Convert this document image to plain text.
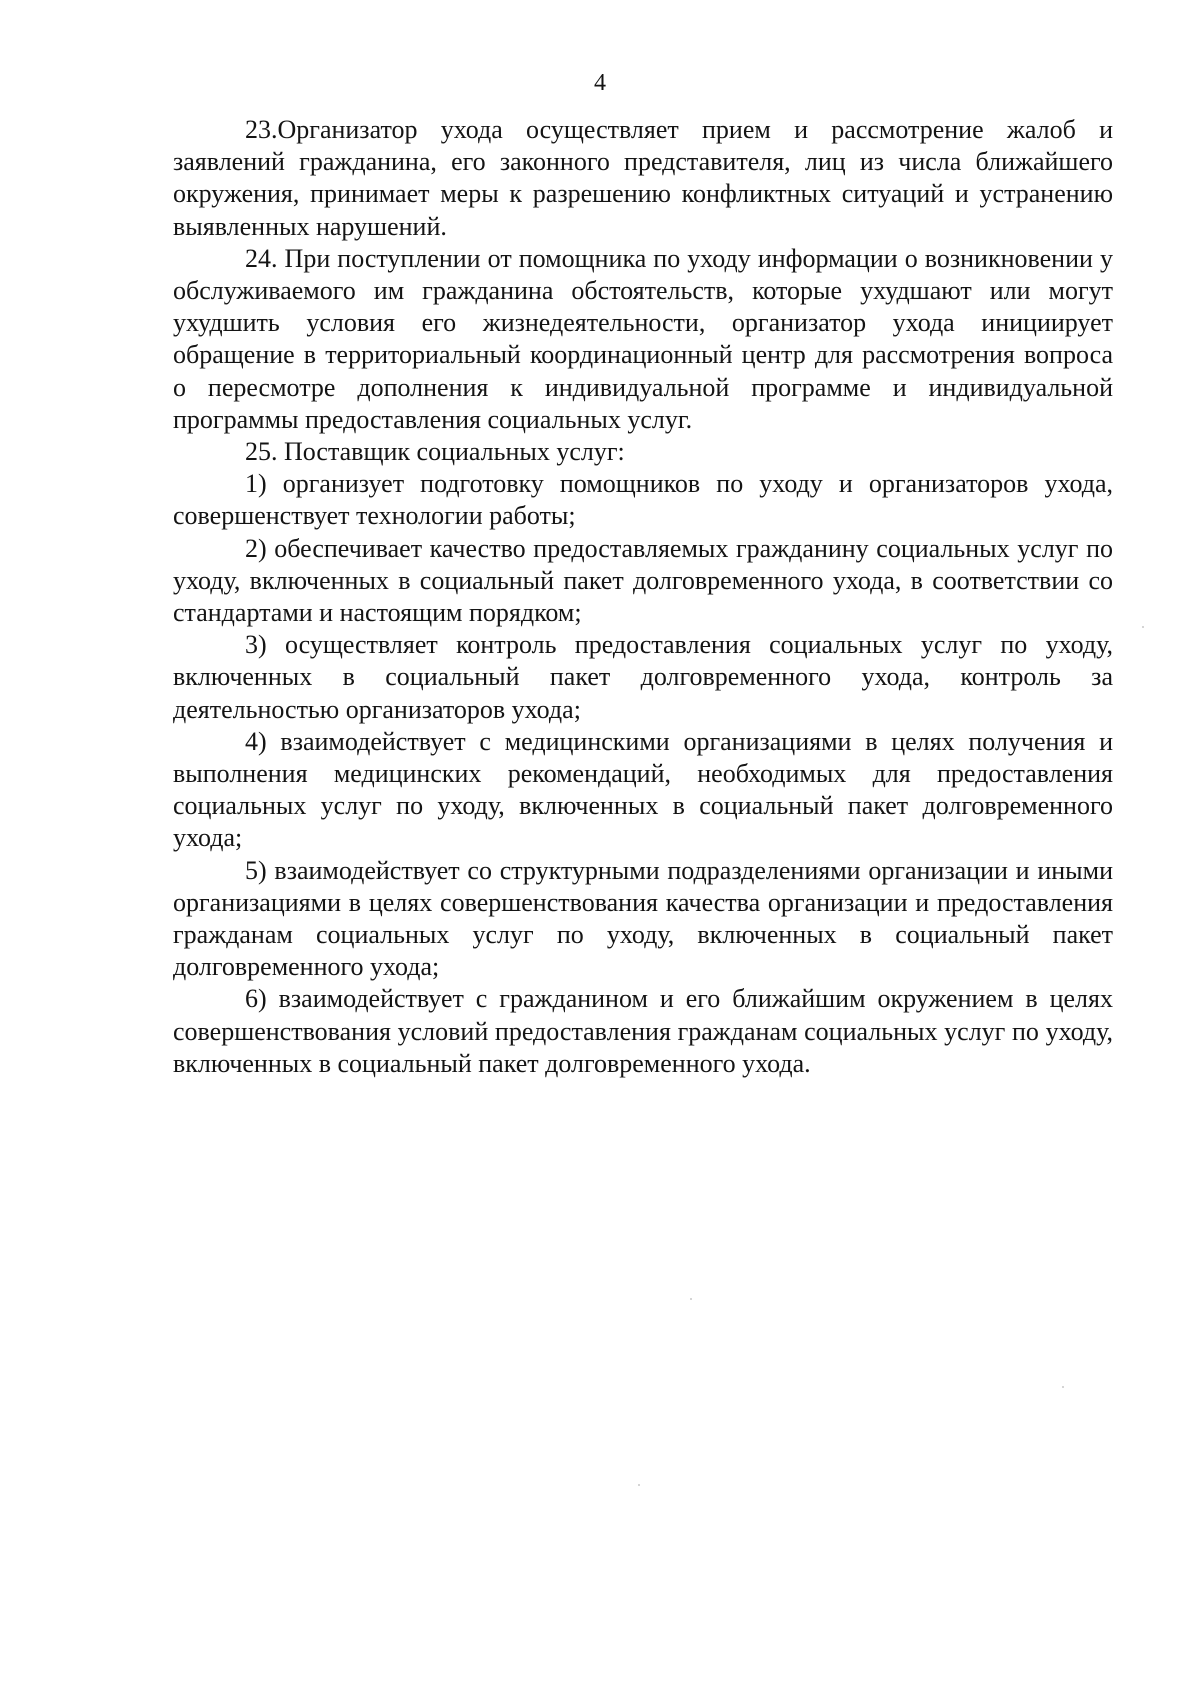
4

23.Организатор ухода осуществляет прием и рассмотрение жалоб и заявлений гражданина, его законного представителя, лиц из числа ближайшего окружения, принимает меры к разрешению конфликтных ситуаций и устранению выявленных нарушений.

24. При поступлении от помощника по уходу информации о возникновении у обслуживаемого им гражданина обстоятельств, которые ухудшают или могут ухудшить условия его жизнедеятельности, организатор ухода инициирует обращение в территориальный координационный центр для рассмотрения вопроса о пересмотре дополнения к индивидуальной программе и индивидуальной программы предоставления социальных услуг.

25. Поставщик социальных услуг:

1) организует подготовку помощников по уходу и организаторов ухода, совершенствует технологии работы;

2) обеспечивает качество предоставляемых гражданину социальных услуг по уходу, включенных в социальный пакет долговременного ухода, в соответствии со стандартами и настоящим порядком;

3) осуществляет контроль предоставления социальных услуг по уходу, включенных в социальный пакет долговременного ухода, контроль за деятельностью организаторов ухода;

4) взаимодействует с медицинскими организациями в целях получения и выполнения медицинских рекомендаций, необходимых для предоставления социальных услуг по уходу, включенных в социальный пакет долговременного ухода;

5) взаимодействует со структурными подразделениями организации и иными организациями в целях совершенствования качества организации и предоставления гражданам социальных услуг по уходу, включенных в социальный пакет долговременного ухода;

6) взаимодействует с гражданином и его ближайшим окружением в целях совершенствования условий предоставления гражданам социальных услуг по уходу, включенных в социальный пакет долговременного ухода.
